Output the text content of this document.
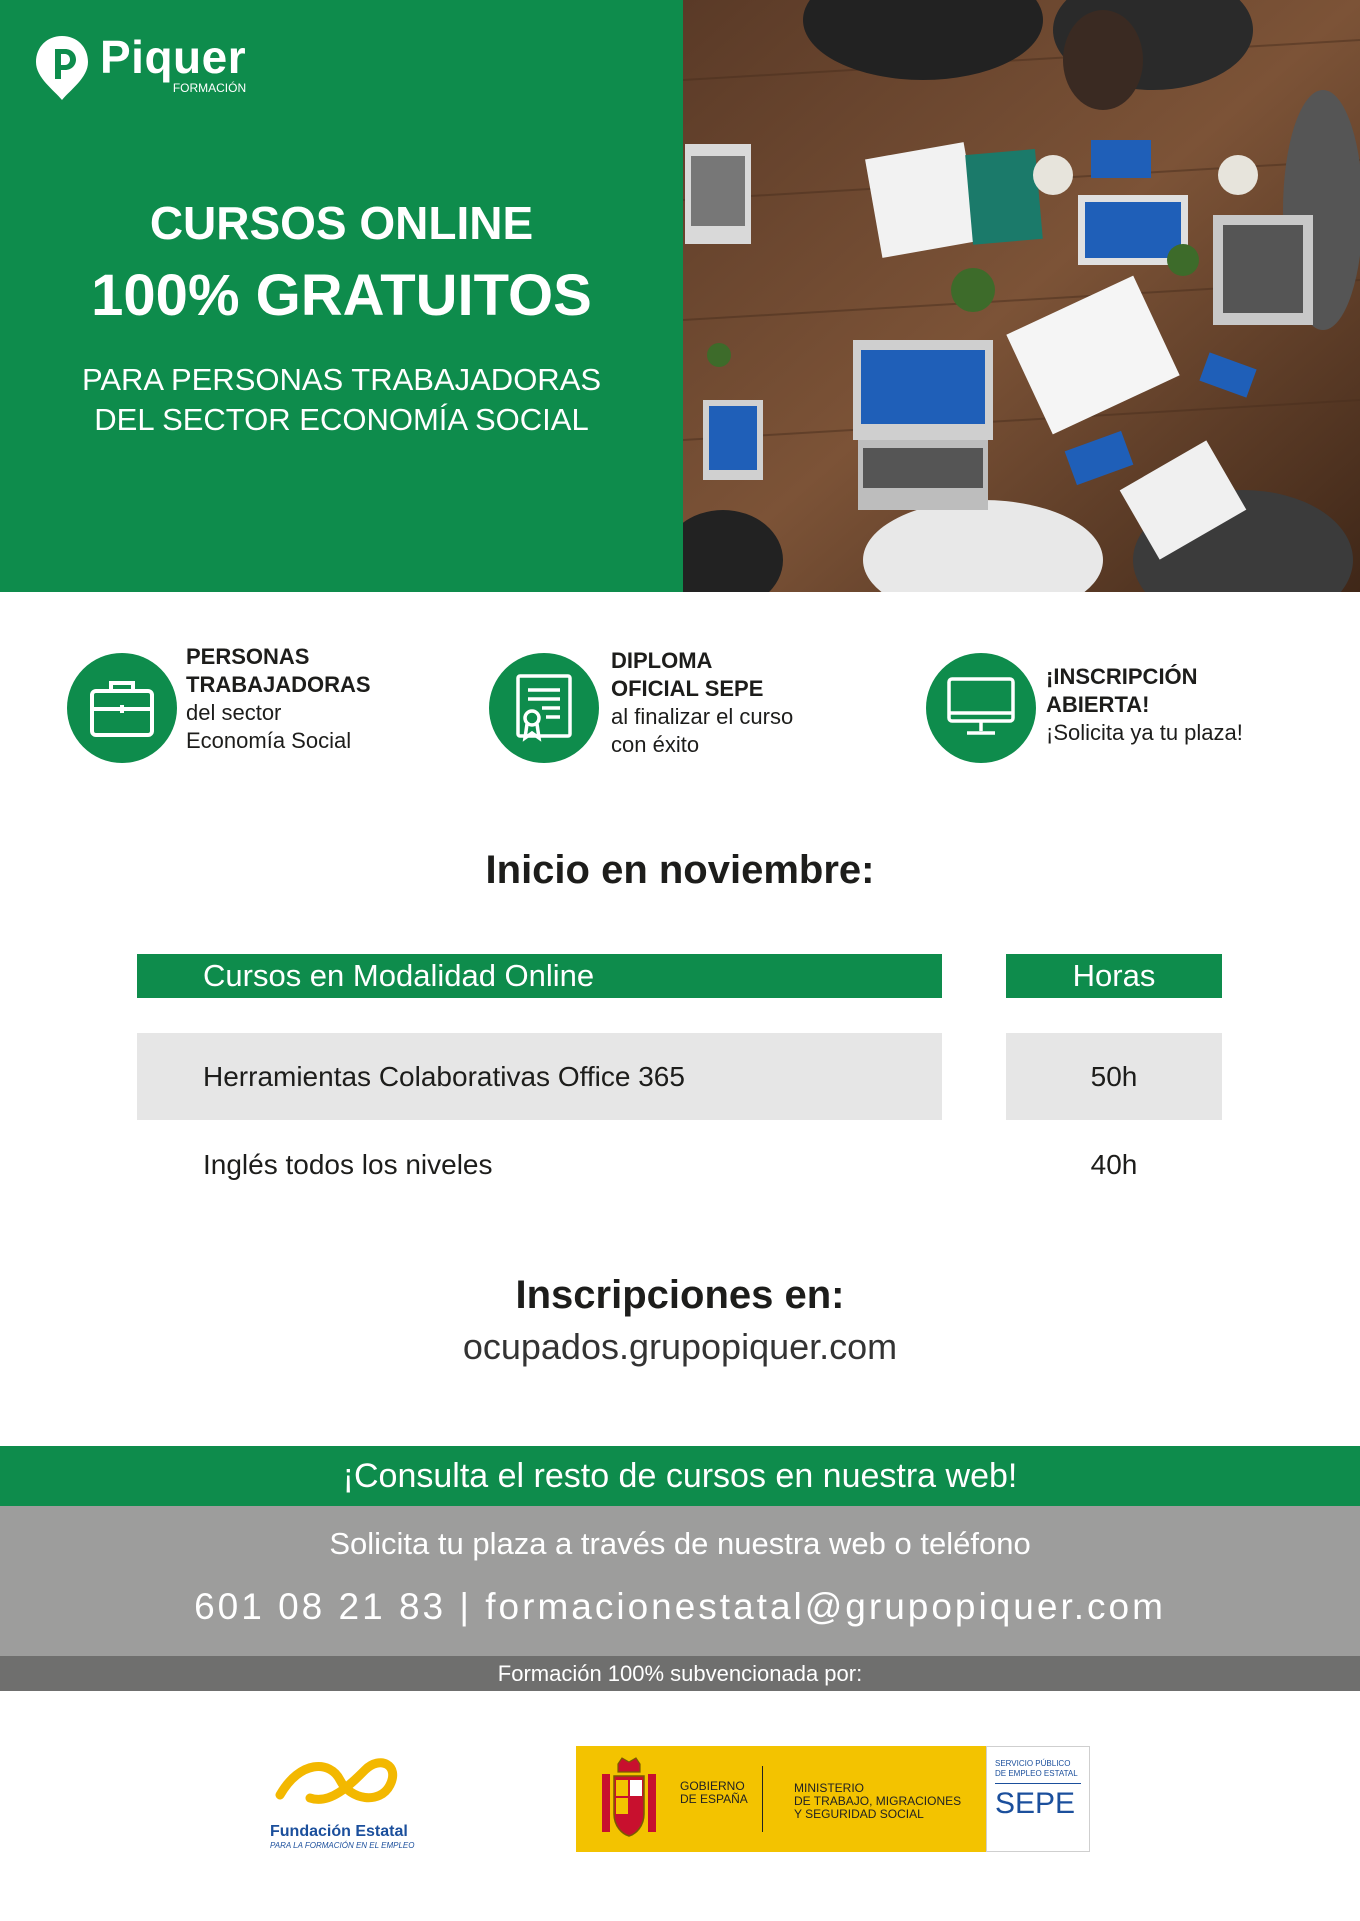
Piquer
FORMACIÓN
CURSOS ONLINE
100% GRATUITOS
PARA PERSONAS TRABAJADORAS
DEL SECTOR ECONOMÍA SOCIAL
PERSONAS
TRABAJADORAS
del sector
Economía Social
DIPLOMA
OFICIAL SEPE
al finalizar el curso
con éxito
¡INSCRIPCIÓN
ABIERTA!
¡Solicita ya tu plaza!
Inicio en noviembre:
Cursos en Modalidad Online	Horas
Herramientas Colaborativas Office 365	50h
Inglés todos los niveles	40h
Inscripciones en:
ocupados.grupopiquer.com
¡Consulta el resto de cursos en nuestra web!
Solicita tu plaza a través de nuestra web o teléfono
601 08 21 83 | formacionestatal@grupopiquer.com
Formación 100% subvencionada por:
Fundación Estatal
PARA LA FORMACIÓN EN EL EMPLEO
GOBIERNO
DE ESPAÑA
MINISTERIO
DE TRABAJO, MIGRACIONES
Y SEGURIDAD SOCIAL
SERVICIO PÚBLICO
DE EMPLEO ESTATAL
SEPE
